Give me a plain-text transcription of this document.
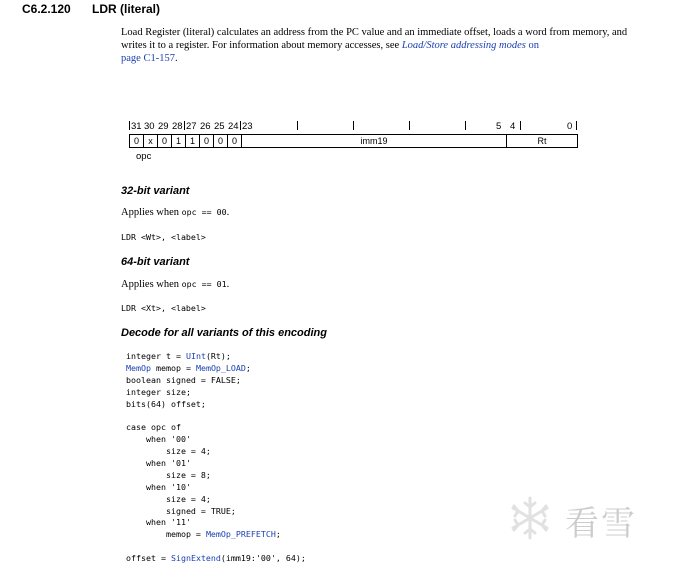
C6.2.120 LDR (literal)
Load Register (literal) calculates an address from the PC value and an immediate offset, loads a word from memory, and writes it to a register. For information about memory accesses, see Load/Store addressing modes on
page C1-157.
31 30 29 28 27 26 25 24 23	5 4	0
0	x	0	1	1	0	0	0	imm19	Rt
opc
32-bit variant
Applies when opc == 00.
LDR <Wt>, <label>
64-bit variant
Applies when opc == 01.
LDR <Xt>, <label>
Decode for all variants of this encoding
integer t = UInt(Rt);
MemOp memop = MemOp_LOAD;
boolean signed = FALSE;
integer size;
bits(64) offset;
case opc of
when '00'
size = 4;
when '01'
size = 8;
when '10'
size = 4;
signed = TRUE;
when '11'
memop = MemOp_PREFETCH;
offset = SignExtend(imm19:'00', 64);
看雪
